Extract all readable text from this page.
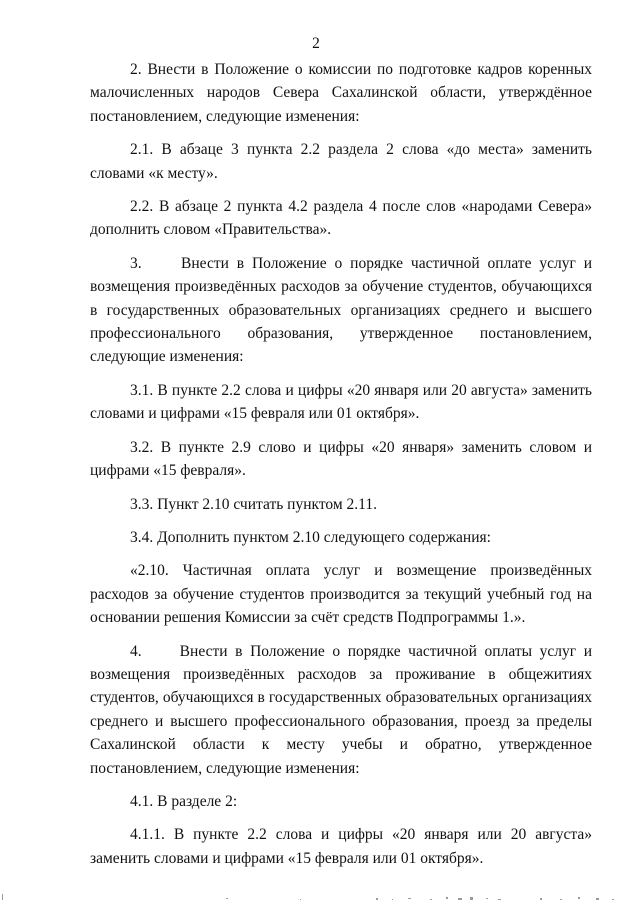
2

2. Внести в Положение о комиссии по подготовке кадров коренных малочисленных народов Севера Сахалинской области, утверждённое постановлением, следующие изменения:

2.1. В абзаце 3 пункта 2.2 раздела 2 слова «до места» заменить словами «к месту».

2.2. В абзаце 2 пункта 4.2 раздела 4 после слов «народами Севера» дополнить словом «Правительства».

3.     Внести в Положение о порядке частичной оплате услуг и возмещения произведённых расходов за обучение студентов, обучающихся в государственных образовательных организациях среднего и высшего профессионального образования, утвержденное постановлением, следующие изменения:

3.1. В пункте 2.2 слова и цифры «20 января или 20 августа» заменить словами и цифрами «15 февраля или 01 октября».

3.2. В пункте 2.9 слово и цифры «20 января» заменить словом и цифрами «15 февраля».

3.3. Пункт 2.10 считать пунктом 2.11.

3.4. Дополнить пунктом 2.10 следующего содержания:

«2.10. Частичная оплата услуг и возмещение произведённых расходов за обучение студентов производится за текущий учебный год на основании решения Комиссии за счёт средств Подпрограммы 1.».

4.     Внести в Положение о порядке частичной оплаты услуг и возмещения произведённых расходов за проживание в общежитиях студентов, обучающихся в государственных образовательных организациях среднего и высшего профессионального образования, проезд за пределы Сахалинской области к месту учебы и обратно, утвержденное постановлением, следующие изменения:

4.1. В разделе 2:

4.1.1. В пункте 2.2 слова и цифры «20 января или 20 августа» заменить словами и цифрами «15 февраля или 01 октября».
